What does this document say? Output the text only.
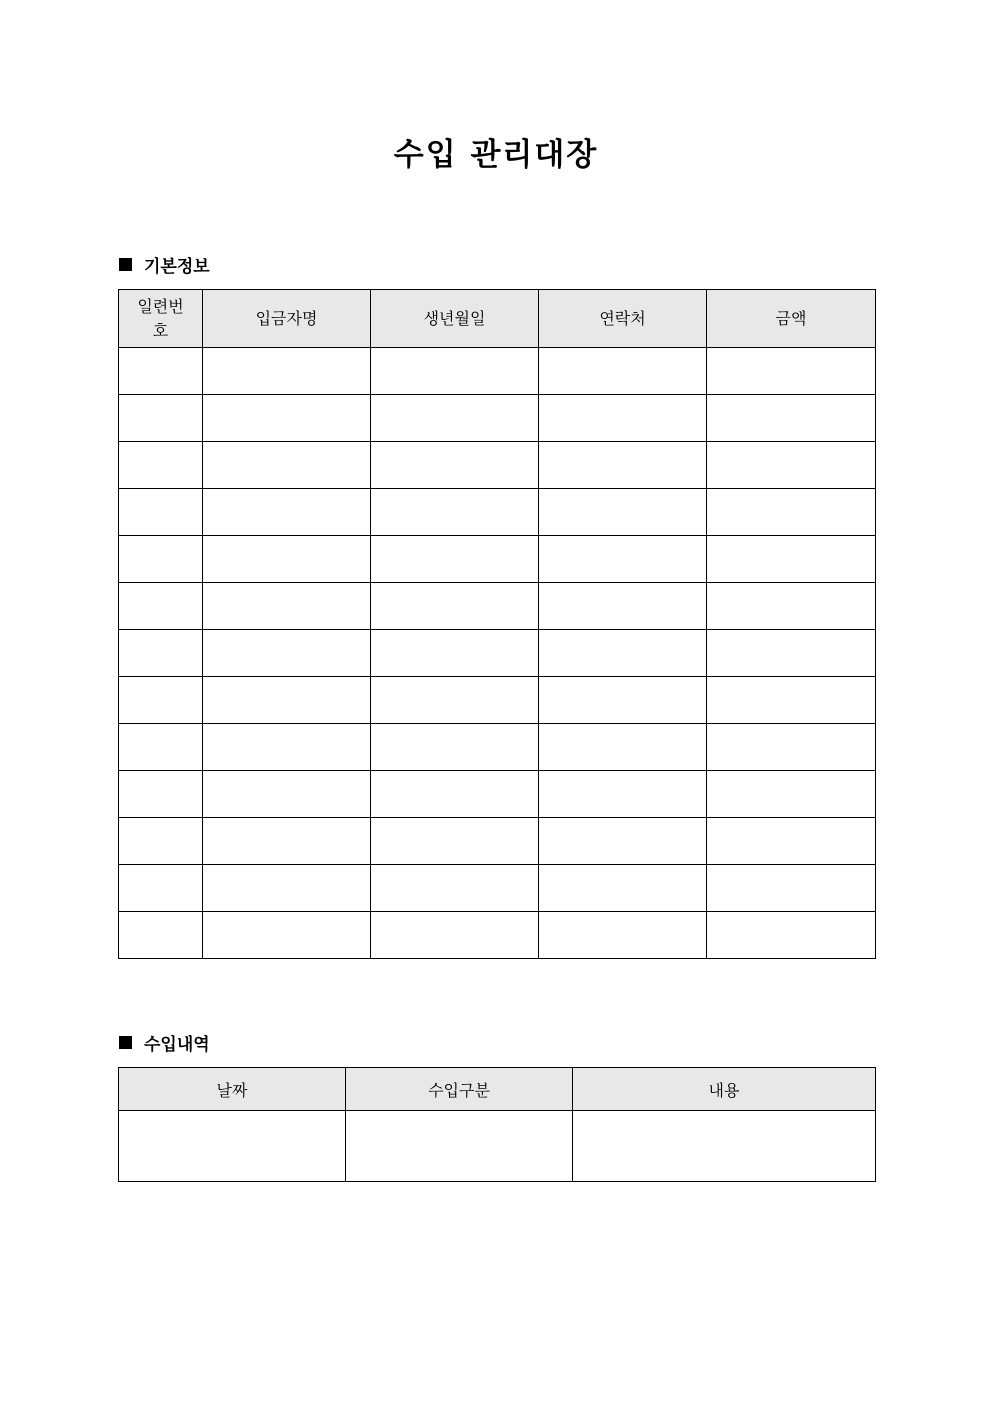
수입 관리대장
기본정보
일련번호	입금자명	생년월일	연락처	금액

수입내역
날짜	수입구분	내용
